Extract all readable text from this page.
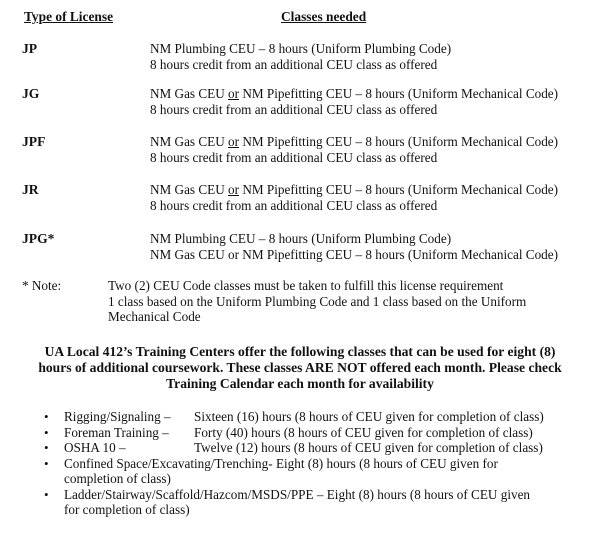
Type of License	Classes needed
JP	NM Plumbing CEU – 8 hours (Uniform Plumbing Code)
8 hours credit from an additional CEU class as offered
JG	NM Gas CEU or NM Pipefitting CEU – 8 hours (Uniform Mechanical Code)
8 hours credit from an additional CEU class as offered
JPF	NM Gas CEU or NM Pipefitting CEU – 8 hours (Uniform Mechanical Code)
8 hours credit from an additional CEU class as offered
JR	NM Gas CEU or NM Pipefitting CEU – 8 hours (Uniform Mechanical Code)
8 hours credit from an additional CEU class as offered
JPG*	NM Plumbing CEU – 8 hours (Uniform Plumbing Code)
NM Gas CEU or NM Pipefitting CEU – 8 hours (Uniform Mechanical Code)
* Note:	Two (2) CEU Code classes must be taken to fulfill this license requirement
1 class based on the Uniform Plumbing Code and 1 class based on the Uniform
Mechanical Code
UA Local 412’s Training Centers offer the following classes that can be used for eight (8)
hours of additional coursework. These classes ARE NOT offered each month. Please check
Training Calendar each month for availability
• Rigging/Signaling – Sixteen (16) hours (8 hours of CEU given for completion of class)
• Foreman Training – Forty (40) hours (8 hours of CEU given for completion of class)
• OSHA 10 –	Twelve (12) hours (8 hours of CEU given for completion of class)
• Confined Space/Excavating/Trenching- Eight (8) hours (8 hours of CEU given for
completion of class)
• Ladder/Stairway/Scaffold/Hazcom/MSDS/PPE – Eight (8) hours (8 hours of CEU given
for completion of class)
